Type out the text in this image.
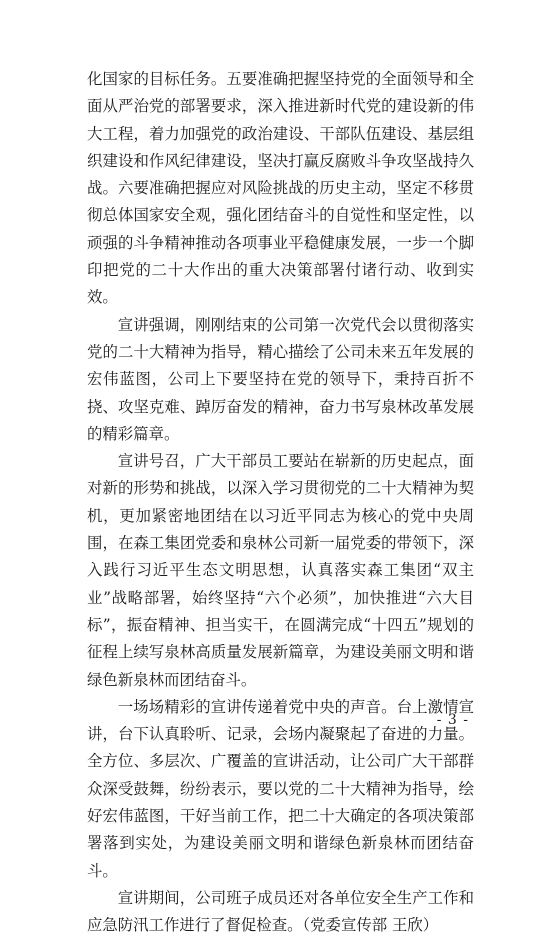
化国家的目标任务。五要准确把握坚持党的全面领导和全面从严治党的部署要求，深入推进新时代党的建设新的伟大工程，着力加强党的政治建设、干部队伍建设、基层组织建设和作风纪律建设，坚决打赢反腐败斗争攻坚战持久战。六要准确把握应对风险挑战的历史主动，坚定不移贯彻总体国家安全观，强化团结奋斗的自觉性和坚定性，以顽强的斗争精神推动各项事业平稳健康发展，一步一个脚印把党的二十大作出的重大决策部署付诸行动、收到实效。

宣讲强调，刚刚结束的公司第一次党代会以贯彻落实党的二十大精神为指导，精心描绘了公司未来五年发展的宏伟蓝图，公司上下要坚持在党的领导下，秉持百折不挠、攻坚克难、踔厉奋发的精神，奋力书写泉林改革发展的精彩篇章。

宣讲号召，广大干部员工要站在崭新的历史起点，面对新的形势和挑战，以深入学习贯彻党的二十大精神为契机，更加紧密地团结在以习近平同志为核心的党中央周围，在森工集团党委和泉林公司新一届党委的带领下，深入践行习近平生态文明思想，认真落实森工集团“双主业”战略部署，始终坚持“六个必须”，加快推进“六大目标”，振奋精神、担当实干，在圆满完成“十四五”规划的征程上续写泉林高质量发展新篇章，为建设美丽文明和谐绿色新泉林而团结奋斗。

一场场精彩的宣讲传递着党中央的声音。台上激情宣讲，台下认真聆听、记录，会场内凝聚起了奋进的力量。全方位、多层次、广覆盖的宣讲活动，让公司广大干部群众深受鼓舞，纷纷表示，要以党的二十大精神为指导，绘好宏伟蓝图，干好当前工作，把二十大确定的各项决策部署落到实处，为建设美丽文明和谐绿色新泉林而团结奋斗。

宣讲期间，公司班子成员还对各单位安全生产工作和应急防汛工作进行了督促检查。（党委宣传部 王欣）

- 3 -
